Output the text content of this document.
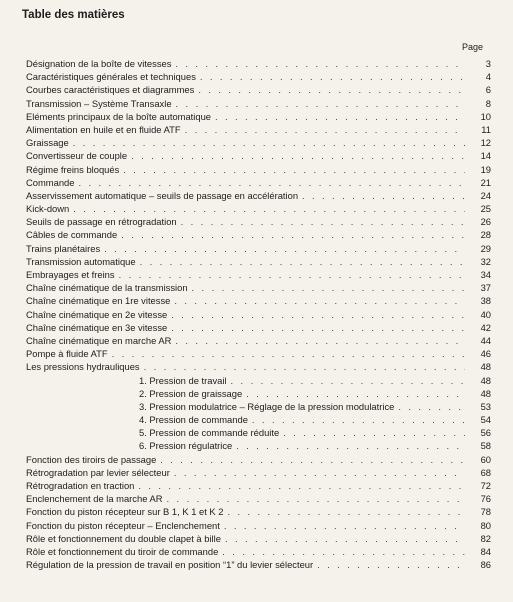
Table des matières
Page
Désignation de la boîte de vitesses . . .	3
Caractéristiques générales et techniques . . .	4
Courbes caractéristiques et diagrammes . . .	6
Transmission – Système Transaxle . . .	8
Eléments principaux de la boîte automatique . . .	10
Alimentation en huile et en fluide ATF . . .	11
Graissage . . .	12
Convertisseur de couple . . .	14
Régime freins bloqués . . .	19
Commande . . .	21
Asservissement automatique – seuils de passage en accélération . . .	24
Kick-down . . .	25
Seuils de passage en rétrogradation . . .	26
Câbles de commande . . .	28
Trains planétaires . . .	29
Transmission automatique . . .	32
Embrayages et freins . . .	34
Chaîne cinématique de la transmission . . .	37
Chaîne cinématique en 1re vitesse . . .	38
Chaîne cinématique en 2e vitesse . . .	40
Chaîne cinématique en 3e vitesse . . .	42
Chaîne cinématique en marche AR . . .	44
Pompe à fluide ATF . . .	46
Les pressions hydrauliques . . .	48
1. Pression de travail . . .	48
2. Pression de graissage . . .	48
3. Pression modulatrice – Réglage de la pression modulatrice . . .	53
4. Pression de commande . . .	54
5. Pression de commande réduite . . .	56
6. Pression régulatrice . . .	58
Fonction des tiroirs de passage . . .	60
Rétrogradation par levier sélecteur . . .	68
Rétrogradation en traction . . .	72
Enclenchement de la marche AR . . .	76
Fonction du piston récepteur sur B 1, K 1 et K 2 . . .	78
Fonction du piston récepteur – Enclenchement . . .	80
Rôle et fonctionnement du double clapet à bille . . .	82
Rôle et fonctionnement du tiroir de commande . . .	84
Régulation de la pression de travail en position “1” du levier sélecteur . . .	86
